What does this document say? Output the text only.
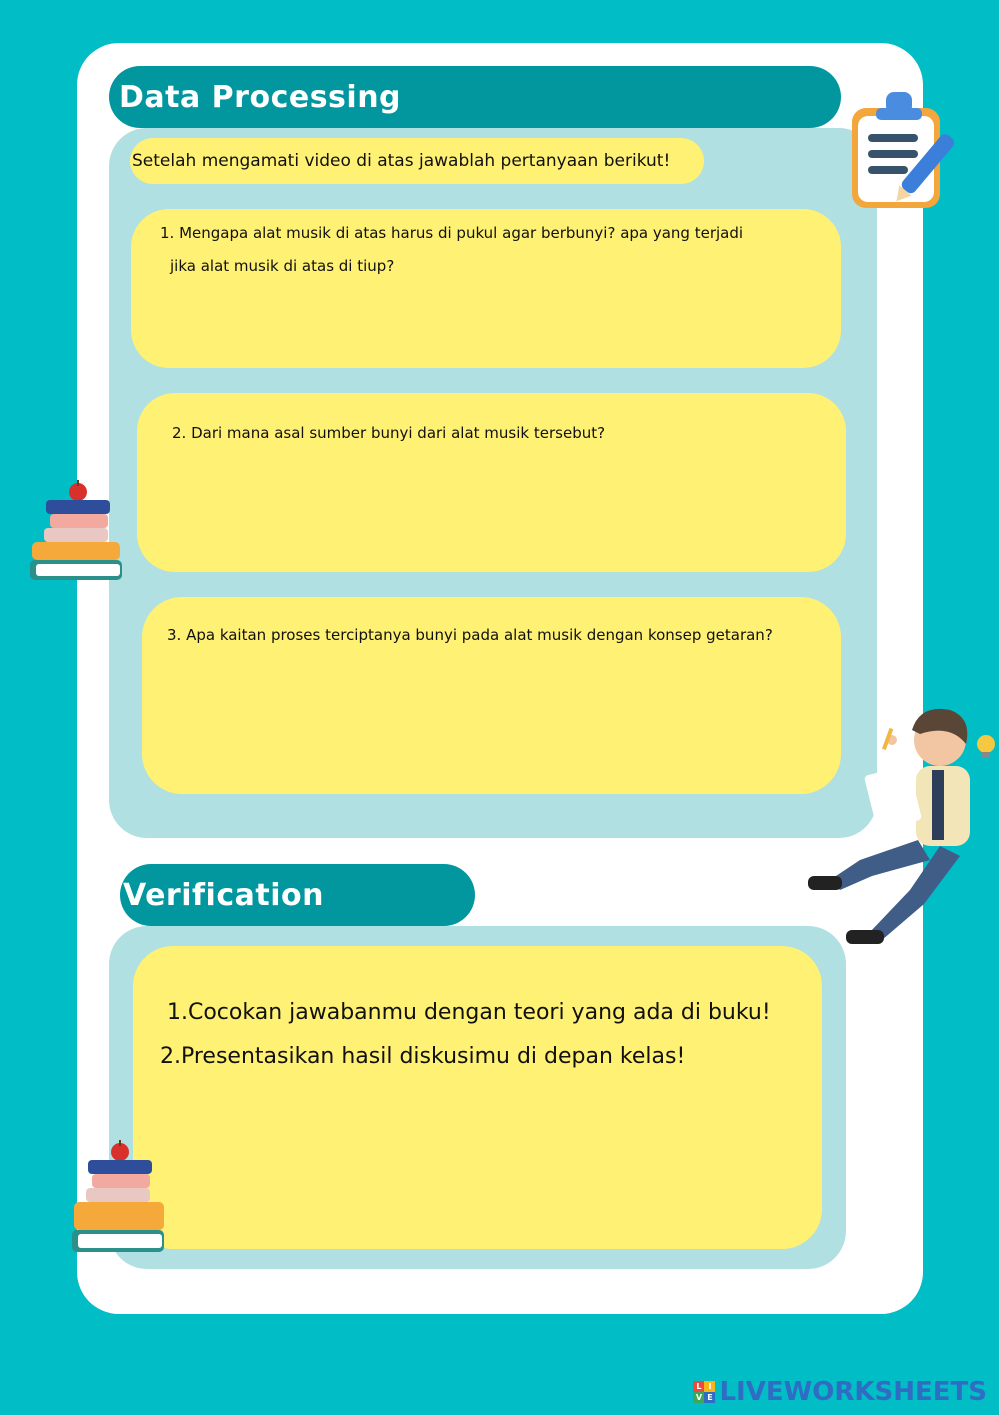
Data Processing
Setelah mengamati video di atas jawablah pertanyaan berikut!
1. Mengapa alat musik di atas harus di pukul agar berbunyi? apa yang terjadi
jika alat musik di atas di tiup?
2. Dari mana asal sumber bunyi dari alat musik tersebut?
3. Apa kaitan proses terciptanya bunyi pada alat musik dengan konsep getaran?
Verification
1.Cocokan jawabanmu dengan teori yang ada di buku!
2.Presentasikan hasil diskusimu di depan kelas!
L I
V E LIVEWORKSHEETS
